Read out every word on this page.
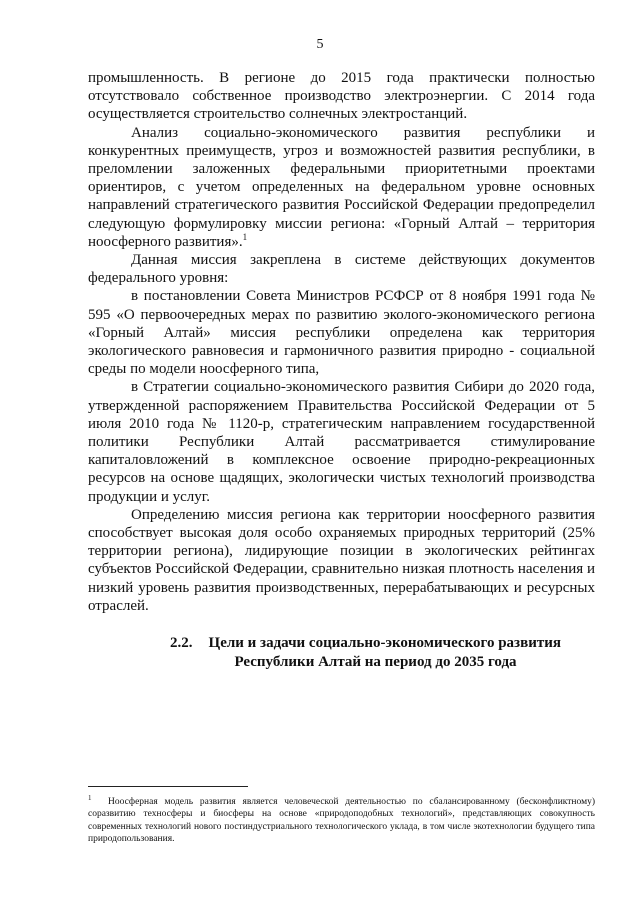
5

промышленность. В регионе до 2015 года практически полностью отсутствовало собственное производство электроэнергии. С 2014 года осуществляется строительство солнечных электростанций.

Анализ социально-экономического развития республики и конкурентных преимуществ, угроз и возможностей развития республики, в преломлении заложенных федеральными приоритетными проектами ориентиров, с учетом определенных на федеральном уровне основных направлений стратегического развития Российской Федерации предопределил следующую формулировку миссии региона: «Горный Алтай – территория ноосферного развития».$^1$

Данная миссия закреплена в системе действующих документов федерального уровня:

в постановлении Совета Министров РСФСР от 8 ноября 1991 года № 595 «О первоочередных мерах по развитию эколого-экономического региона «Горный Алтай» миссия республики определена как территория экологического равновесия и гармоничного развития природно - социальной среды по модели ноосферного типа,

в Стратегии социально-экономического развития Сибири до 2020 года, утвержденной распоряжением Правительства Российской Федерации от 5 июля 2010 года № 1120-р, стратегическим направлением государственной политики Республики Алтай рассматривается стимулирование капиталовложений в комплексное освоение природно-рекреационных ресурсов на основе щадящих, экологически чистых технологий производства продукции и услуг.

Определению миссия региона как территории ноосферного развития способствует высокая доля особо охраняемых природных территорий (25% территории региона), лидирующие позиции в экологических рейтингах субъектов Российской Федерации, сравнительно низкая плотность населения и низкий уровень развития производственных, перерабатывающих и ресурсных отраслей.

2.2. Цели и задачи социально-экономического развития
Республики Алтай на период до 2035 года
1 Ноосферная модель развития является человеческой деятельностью по сбалансированному (бесконфликтному) соразвитию техносферы и биосферы на основе «природоподобных технологий», представляющих совокупность современных технологий нового постиндустриального технологического уклада, в том числе экотехнологии будущего типа природопользования.
